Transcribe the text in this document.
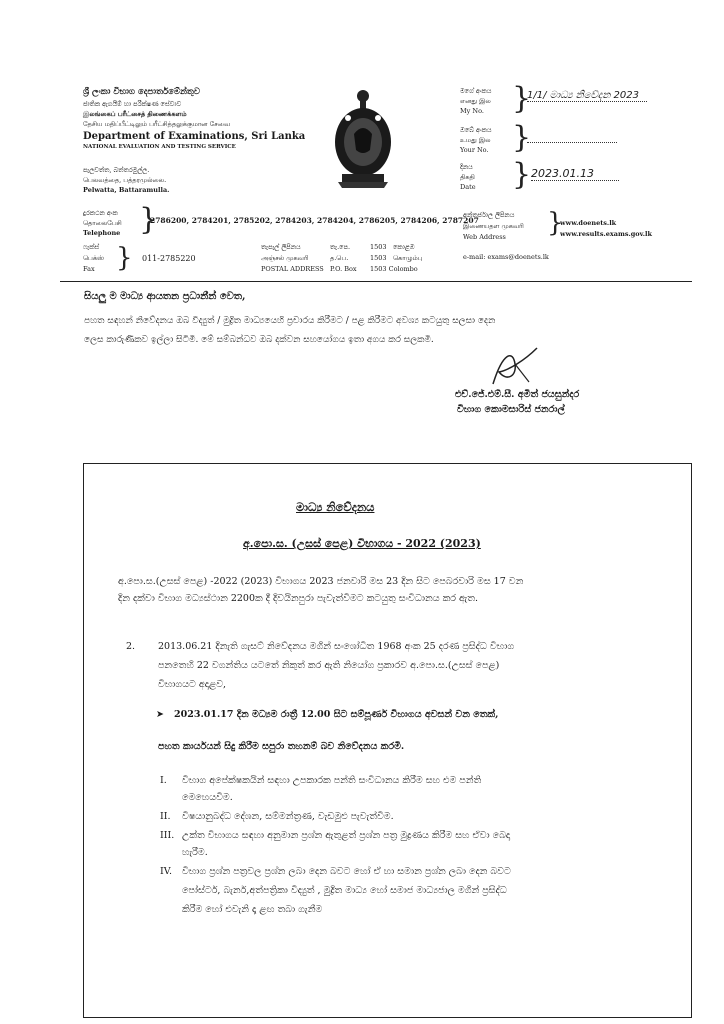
ශ්‍රී ලංකා විභාග දෙපාර්තමේන්තුව
ජාතික ඇගයීම් හා පරීක්ෂණ සේවාව
இலங்கைப் பரீட்சைத் திணைக்களம்
தேசிய மதிப்பீட்டிலும் பரீட்சித்தலுக்குமான சேவை
Department of Examinations, Sri Lanka
NATIONAL EVALUATION AND TESTING SERVICE
පැලවත්ත, බත්තරමුල්ල.
பெலவத்தை, பத்தரமுல்லை.
Pelwatta, Battaramulla.
මගේ අංකය
எனது இல
My No. }
1/1/ මාධ්‍ය නිවේදන 2023
ඔබේ අංකය
உமது இல
Your No. }
දිනය
திகதி
Date } 2023.01.13
දුරකථන අංක
தொலைபேசி
Telephone }
2786200, 2784201, 2785202, 2784203, 2784204, 2786205, 2784206, 2787207
අන්තර්ජාල ලිපිනය
இணையதள முகவரி
Web Address }
www.doenets.lk
www.results.exams.gov.lk
ෆැක්ස්
பெக்ஸ்
Fax } 011-2785220
තැපැල් ලිපිනය
அஞ்சல் முகவரி
POSTAL ADDRESS
තැ.පෙ.
த.பெ.
P.O. Box
1503
1503
කොළඹ
கொழும்பு
1503 Colombo
e-mail: exams@doenets.lk
සියලු ම මාධ්‍ය ආයතන ප්‍රධානීන් වෙත,
පහත සඳහන් නිවේදනය ඔබ විද්‍යුත් / මුද්‍රිත මාධ්‍යයෙහි ප්‍රචාරය කිරීමට / පළ කිරීමට අවශ්‍ය කටයුතු සලසා දෙන
ලෙස කාරුණිකව ඉල්ලා සිටිමි. මේ සම්බන්ධව ඔබ දක්වන සහයෝගය ඉතා අගය කර සලකමි.
එච්.ජේ.එම්.සී. අමිත් ජයසුන්දර
විභාග කොමසාරිස් ජනරාල්
මාධ්‍ය නිවේදනය
අ.පො.ස. (උසස් පෙළ) විභාගය - 2022 (2023)
අ.පො.ස.(උසස් පෙළ) -2022 (2023) විභාගය 2023 ජනවාරි මස 23 දින සිට පෙබරවාරි මස 17 වන
දින දක්වා විභාග මධ්‍යස්ථාන 2200ක දී දිවයිනපුරා පැවැත්වීමට කටයුතු සංවිධානය කර ඇත.
2. 2013.06.21 දිනැති ගැසට් නිවේදනය මගින් සංශෝධිත 1968 අංක 25 දරණ ප්‍රසිද්ධ විභාග
පනතෙහි 22 වගන්තිය යටතේ නිකුත් කර ඇති නියෝග ප්‍රකාරව අ.පො.ස.(උසස් පෙළ)
විභාගයට අදාළව,
➤ 2023.01.17 දින මධ්‍යම රාත්‍රී 12.00 සිට සම්පූර්ණ විභාගය අවසන් වන තෙක්,
පහත කාර්යයන් සිදු කිරීම සපුරා තහනම් බව නිවේදනය කරමි.
I. විභාග අපේක්ෂකයින් සඳහා උපකාරක පන්ති සංවිධානය කිරීම සහ එම පන්ති
මෙහෙයවීම.
II. විෂයානුබද්ධ දේශන, සම්මන්ත්‍රණ, වැඩමුළු පැවැත්වීම.
III. උක්ත විභාගය සඳහා අනුමාන ප්‍රශ්න ඇතුළත් ප්‍රශ්න පත්‍ර මුද්‍රණය කිරීම සහ ඒවා බෙදා
හැරීම.
IV. විභාග ප්‍රශ්න පත්‍රවල ප්‍රශ්න ලබා දෙන බවට හෝ ඒ හා සමාන ප්‍රශ්න ලබා දෙන බවට
පෝස්ටර්, බැනර්,අත්පත්‍රිකා විද්‍යුත් , මුද්‍රිත මාධ්‍ය හෝ සමාජ මාධ්‍යජාල මගින් ප්‍රසිද්ධ
කිරීම හෝ එවැනි දෑ ළඟ තබා ගැනීම
